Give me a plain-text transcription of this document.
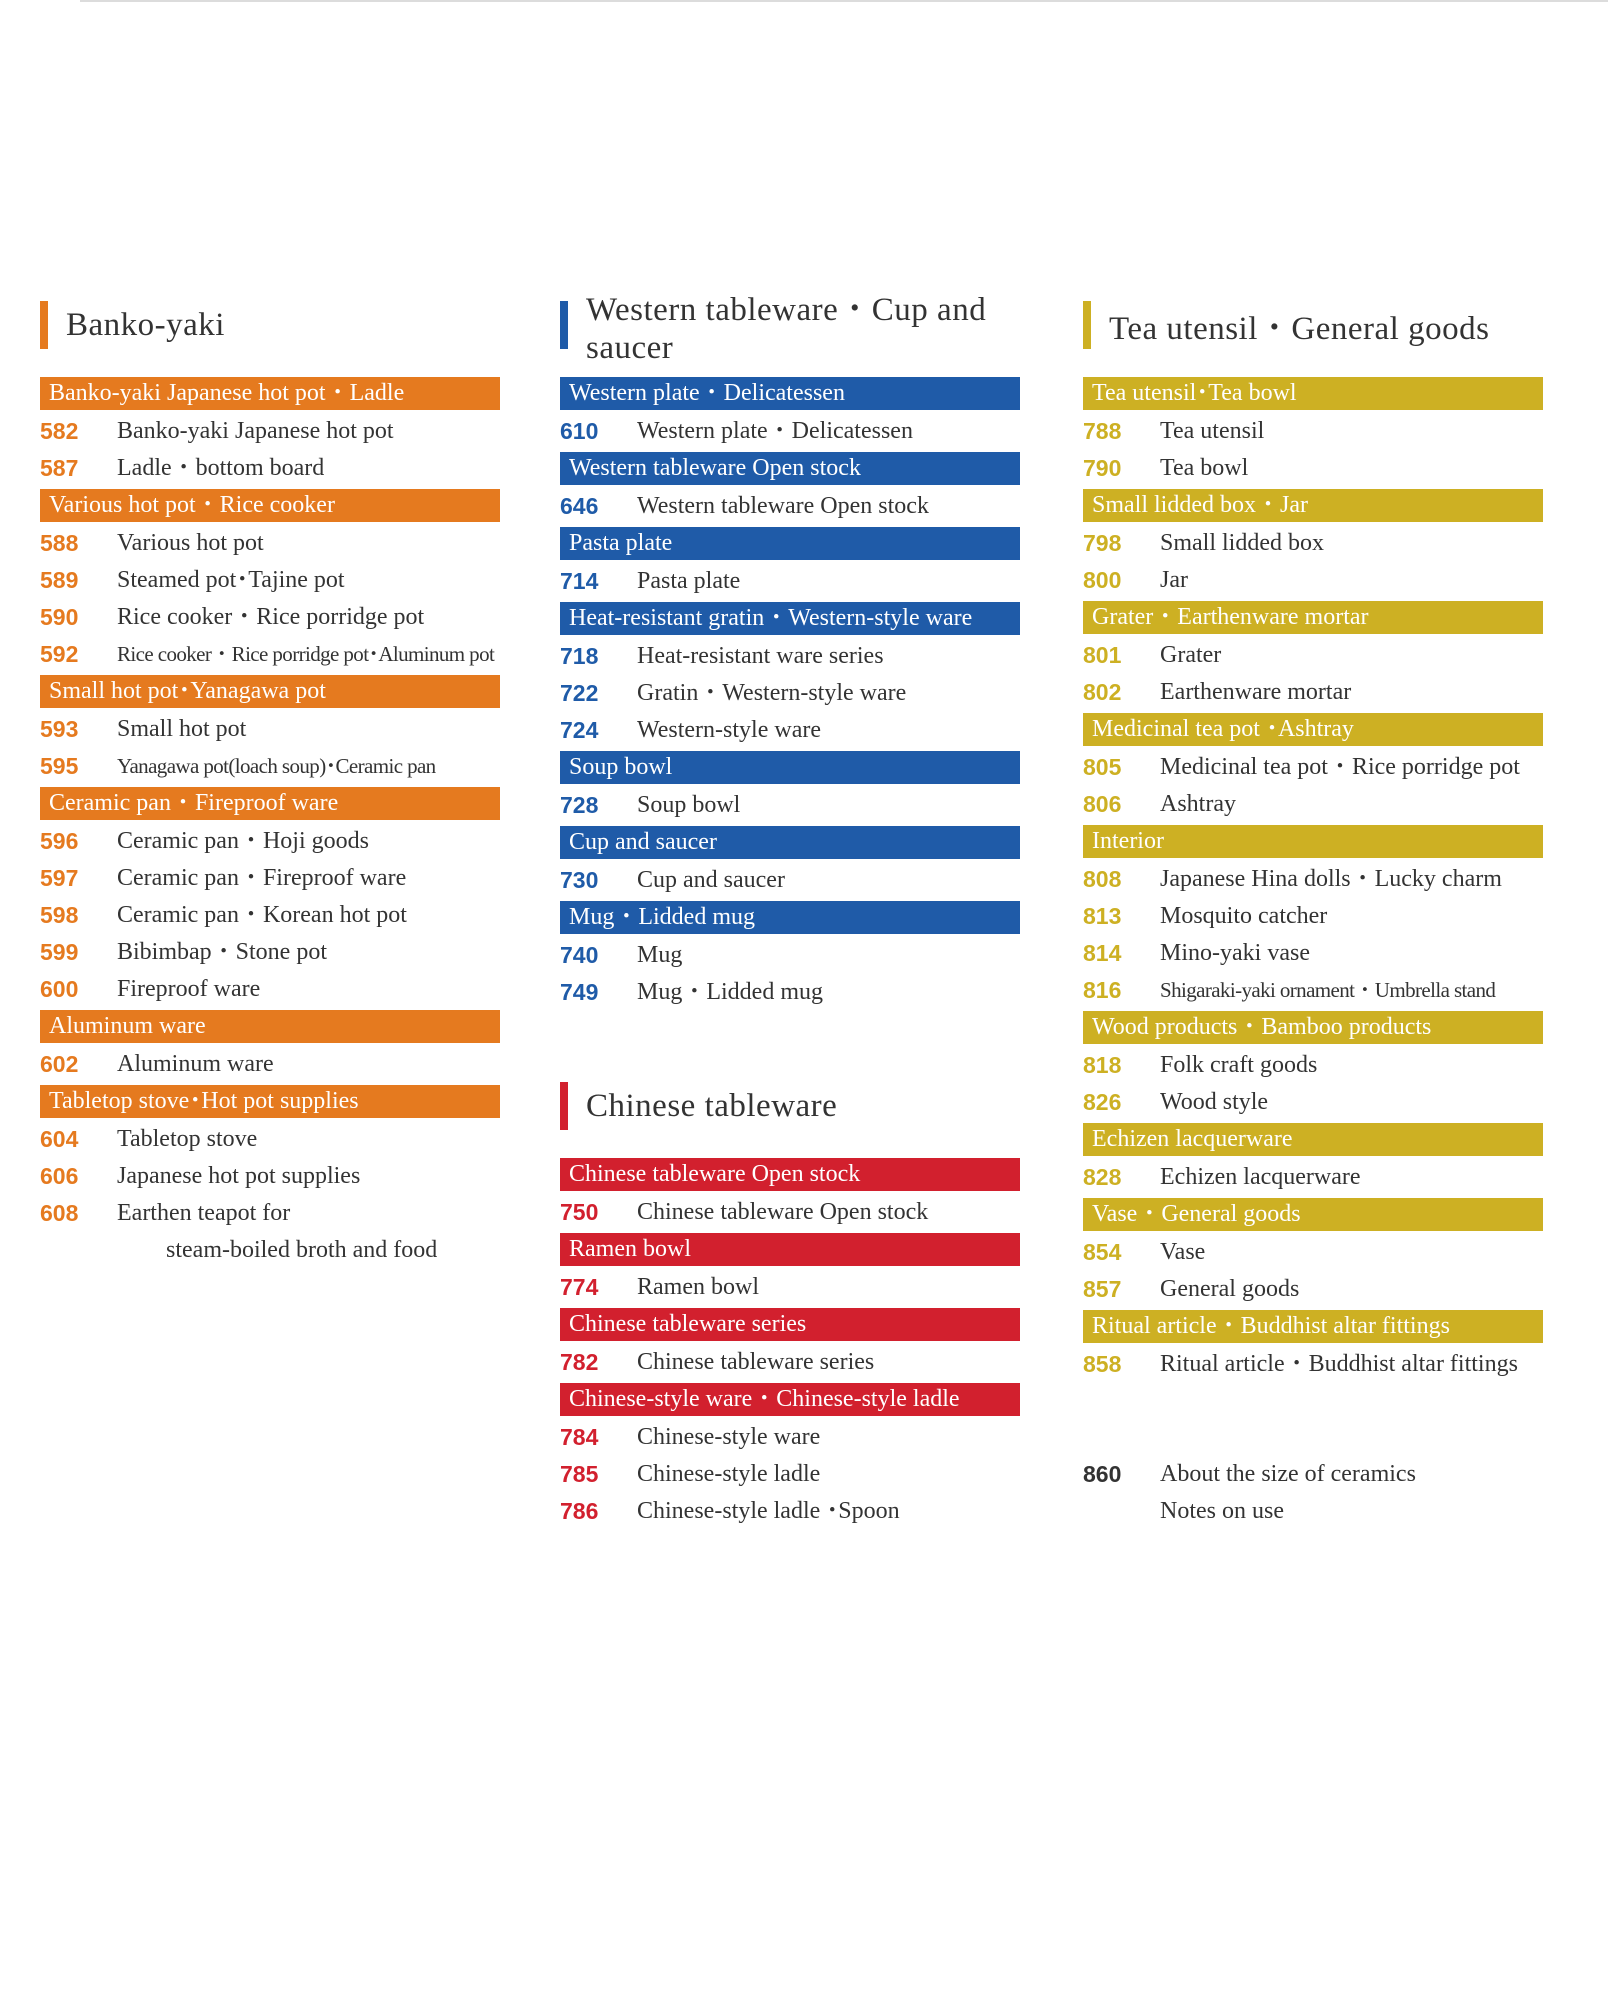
Banko-yaki
Banko-yaki Japanese hot pot・Ladle
582	Banko-yaki Japanese hot pot
587	Ladle・bottom board
Various hot pot・Rice cooker
588	Various hot pot
589	Steamed pot･Tajine pot
590	Rice cooker・Rice porridge pot
592	Rice cooker・Rice porridge pot･Aluminum pot
Small hot pot･Yanagawa pot
593	Small hot pot
595	Yanagawa pot(loach soup)･Ceramic pan
Ceramic pan・Fireproof ware
596	Ceramic pan・Hoji goods
597	Ceramic pan・Fireproof ware
598	Ceramic pan・Korean hot pot
599	Bibimbap・Stone pot
600	Fireproof ware
Aluminum ware
602	Aluminum ware
Tabletop stove･Hot pot supplies
604	Tabletop stove
606	Japanese hot pot supplies
608	Earthen teapot for
steam-boiled broth and food
Western tableware・Cup and saucer
Western plate・Delicatessen
610	Western plate・Delicatessen
Western tableware Open stock
646	Western tableware Open stock
Pasta plate
714	Pasta plate
Heat-resistant gratin・Western-style ware
718	Heat-resistant ware series
722	Gratin・Western-style ware
724	Western-style ware
Soup bowl
728	Soup bowl
Cup and saucer
730	Cup and saucer
Mug・Lidded mug
740	Mug
749	Mug・Lidded mug
Chinese tableware
Chinese tableware Open stock
750	Chinese tableware Open stock
Ramen bowl
774	Ramen bowl
Chinese tableware series
782	Chinese tableware series
Chinese-style ware・Chinese-style ladle
784	Chinese-style ware
785	Chinese-style ladle
786	Chinese-style ladle ･Spoon
Tea utensil・General goods
Tea utensil･Tea bowl
788	Tea utensil
790	Tea bowl
Small lidded box・Jar
798	Small lidded box
800	Jar
Grater・Earthenware mortar
801	Grater
802	Earthenware mortar
Medicinal tea pot ･Ashtray
805	Medicinal tea pot・Rice porridge pot
806	Ashtray
Interior
808	Japanese Hina dolls・Lucky charm
813	Mosquito catcher
814	Mino-yaki vase
816	Shigaraki-yaki ornament・Umbrella stand
Wood products・Bamboo products
818	Folk craft goods
826	Wood style
Echizen lacquerware
828	Echizen lacquerware
Vase・General goods
854	Vase
857	General goods
Ritual article・Buddhist altar fittings
858	Ritual article・Buddhist altar fittings
860	About the size of ceramics
Notes on use
